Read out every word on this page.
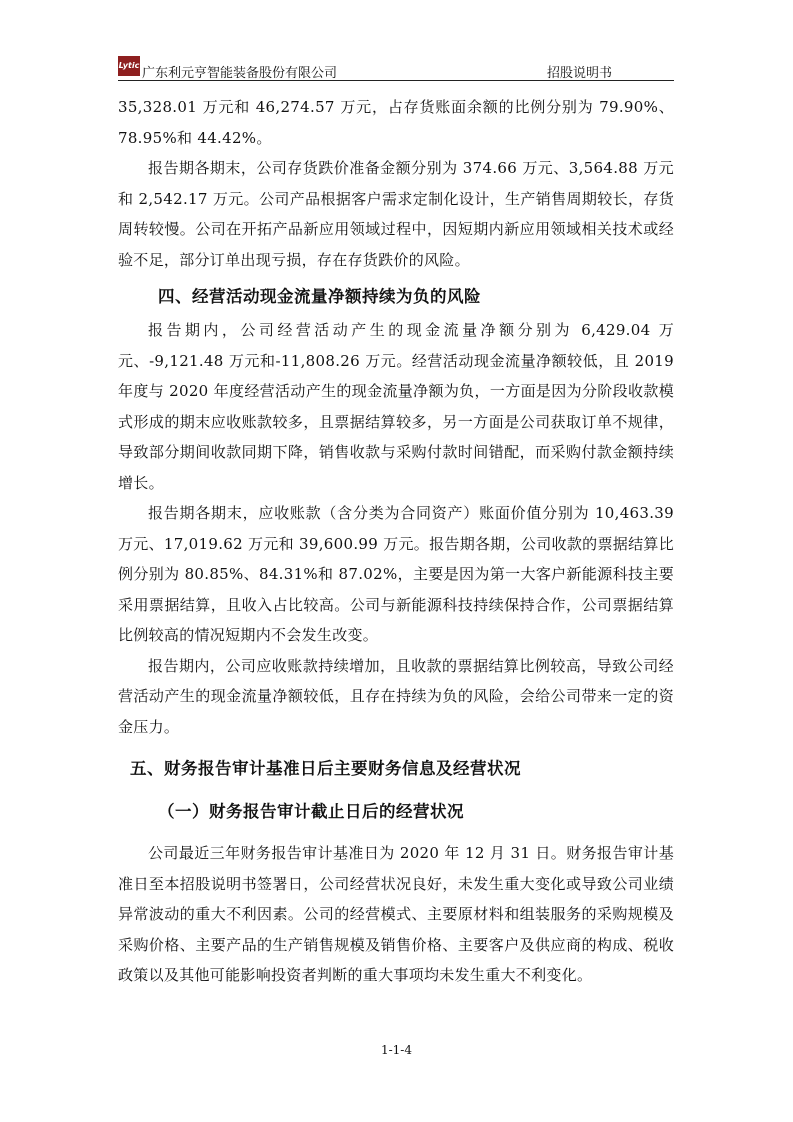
Lytic
广东利元亨智能装备股份有限公司	招股说明书

35,328.01 万元和 46,274.57 万元，占存货账面余额的比例分别为 79.90%、78.95%和 44.42%。

报告期各期末，公司存货跌价准备金额分别为 374.66 万元、3,564.88 万元和 2,542.17 万元。公司产品根据客户需求定制化设计，生产销售周期较长，存货周转较慢。公司在开拓产品新应用领域过程中，因短期内新应用领域相关技术或经验不足，部分订单出现亏损，存在存货跌价的风险。

四、经营活动现金流量净额持续为负的风险

报告期内，公司经营活动产生的现金流量净额分别为 6,429.04 万元、-9,121.48 万元和-11,808.26 万元。经营活动现金流量净额较低，且 2019 年度与 2020 年度经营活动产生的现金流量净额为负，一方面是因为分阶段收款模式形成的期末应收账款较多，且票据结算较多，另一方面是公司获取订单不规律，导致部分期间收款同期下降，销售收款与采购付款时间错配，而采购付款金额持续增长。

报告期各期末，应收账款（含分类为合同资产）账面价值分别为 10,463.39 万元、17,019.62 万元和 39,600.99 万元。报告期各期，公司收款的票据结算比例分别为 80.85%、84.31%和 87.02%，主要是因为第一大客户新能源科技主要采用票据结算，且收入占比较高。公司与新能源科技持续保持合作，公司票据结算比例较高的情况短期内不会发生改变。

报告期内，公司应收账款持续增加，且收款的票据结算比例较高，导致公司经营活动产生的现金流量净额较低，且存在持续为负的风险，会给公司带来一定的资金压力。

五、财务报告审计基准日后主要财务信息及经营状况
（一）财务报告审计截止日后的经营状况

公司最近三年财务报告审计基准日为 2020 年 12 月 31 日。财务报告审计基准日至本招股说明书签署日，公司经营状况良好，未发生重大变化或导致公司业绩异常波动的重大不利因素。公司的经营模式、主要原材料和组装服务的采购规模及采购价格、主要产品的生产销售规模及销售价格、主要客户及供应商的构成、税收政策以及其他可能影响投资者判断的重大事项均未发生重大不利变化。

1-1-4
